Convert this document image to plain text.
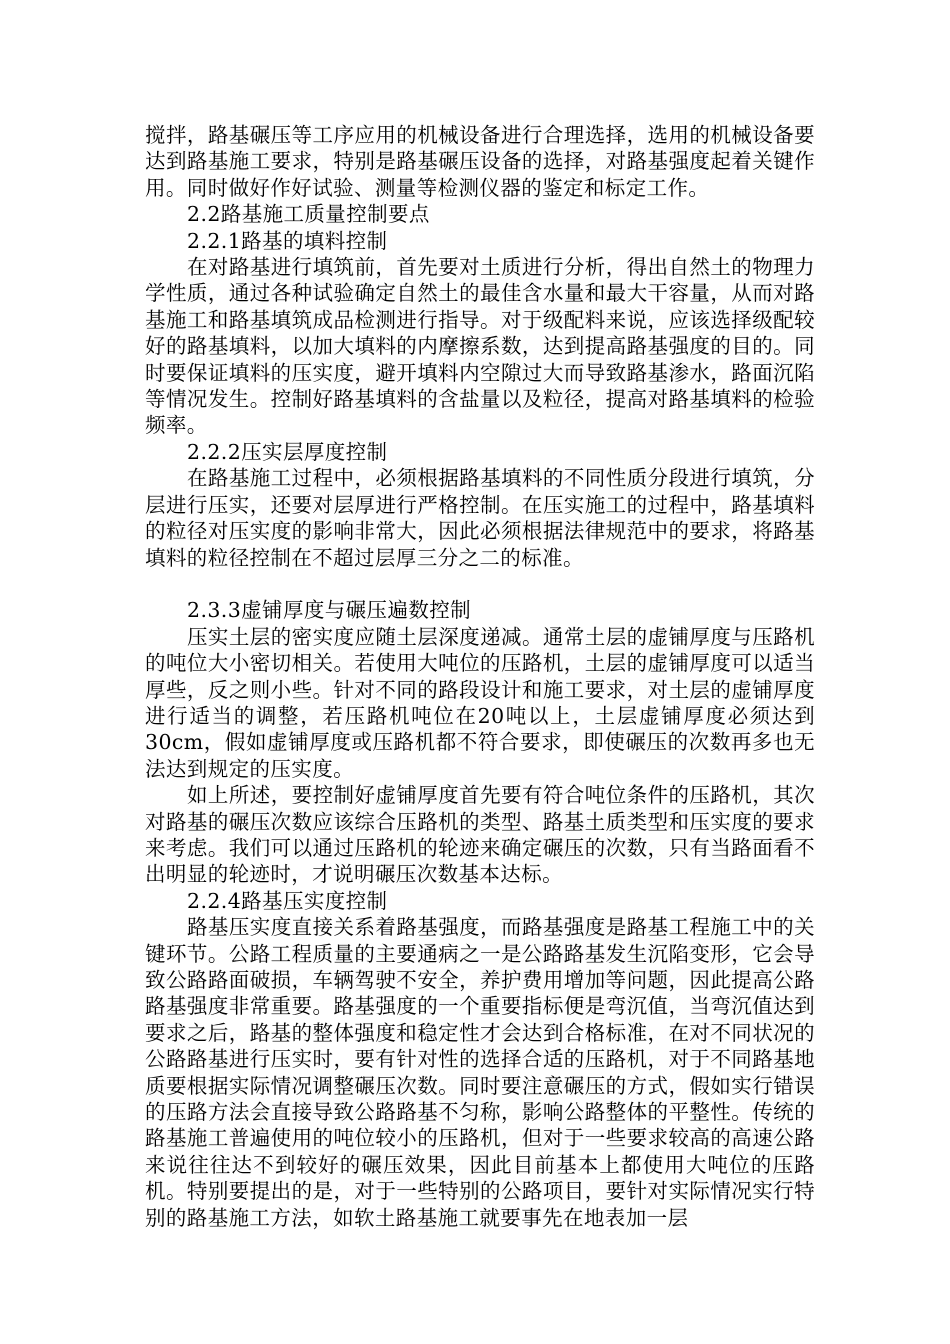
搅拌，路基碾压等工序应用的机械设备进行合理选择，选用的机械设备要达到路基施工要求，特别是路基碾压设备的选择，对路基强度起着关键作用。同时做好作好试验、测量等检测仪器的鉴定和标定工作。

2.2路基施工质量控制要点

2.2.1路基的填料控制

在对路基进行填筑前，首先要对土质进行分析，得出自然土的物理力学性质，通过各种试验确定自然土的最佳含水量和最大干容量，从而对路基施工和路基填筑成品检测进行指导。对于级配料来说，应该选择级配较好的路基填料，以加大填料的内摩擦系数，达到提高路基强度的目的。同时要保证填料的压实度，避开填料内空隙过大而导致路基渗水，路面沉陷等情况发生。控制好路基填料的含盐量以及粒径，提高对路基填料的检验频率。

2.2.2压实层厚度控制

在路基施工过程中，必须根据路基填料的不同性质分段进行填筑，分层进行压实，还要对层厚进行严格控制。在压实施工的过程中，路基填料的粒径对压实度的影响非常大，因此必须根据法律规范中的要求，将路基填料的粒径控制在不超过层厚三分之二的标准。

2.3.3虚铺厚度与碾压遍数控制

压实土层的密实度应随土层深度递减。通常土层的虚铺厚度与压路机的吨位大小密切相关。若使用大吨位的压路机，土层的虚铺厚度可以适当厚些，反之则小些。针对不同的路段设计和施工要求，对土层的虚铺厚度进行适当的调整，若压路机吨位在20吨以上，土层虚铺厚度必须达到30cm，假如虚铺厚度或压路机都不符合要求，即使碾压的次数再多也无法达到规定的压实度。

如上所述，要控制好虚铺厚度首先要有符合吨位条件的压路机，其次对路基的碾压次数应该综合压路机的类型、路基土质类型和压实度的要求来考虑。我们可以通过压路机的轮迹来确定碾压的次数，只有当路面看不出明显的轮迹时，才说明碾压次数基本达标。

2.2.4路基压实度控制

路基压实度直接关系着路基强度，而路基强度是路基工程施工中的关键环节。公路工程质量的主要通病之一是公路路基发生沉陷变形，它会导致公路路面破损，车辆驾驶不安全，养护费用增加等问题，因此提高公路路基强度非常重要。路基强度的一个重要指标便是弯沉值，当弯沉值达到要求之后，路基的整体强度和稳定性才会达到合格标准，在对不同状况的公路路基进行压实时，要有针对性的选择合适的压路机，对于不同路基地质要根据实际情况调整碾压次数。同时要注意碾压的方式，假如实行错误的压路方法会直接导致公路路基不匀称，影响公路整体的平整性。传统的路基施工普遍使用的吨位较小的压路机，但对于一些要求较高的高速公路来说往往达不到较好的碾压效果，因此目前基本上都使用大吨位的压路机。特别要提出的是，对于一些特别的公路项目，要针对实际情况实行特别的路基施工方法，如软土路基施工就要事先在地表加一层
